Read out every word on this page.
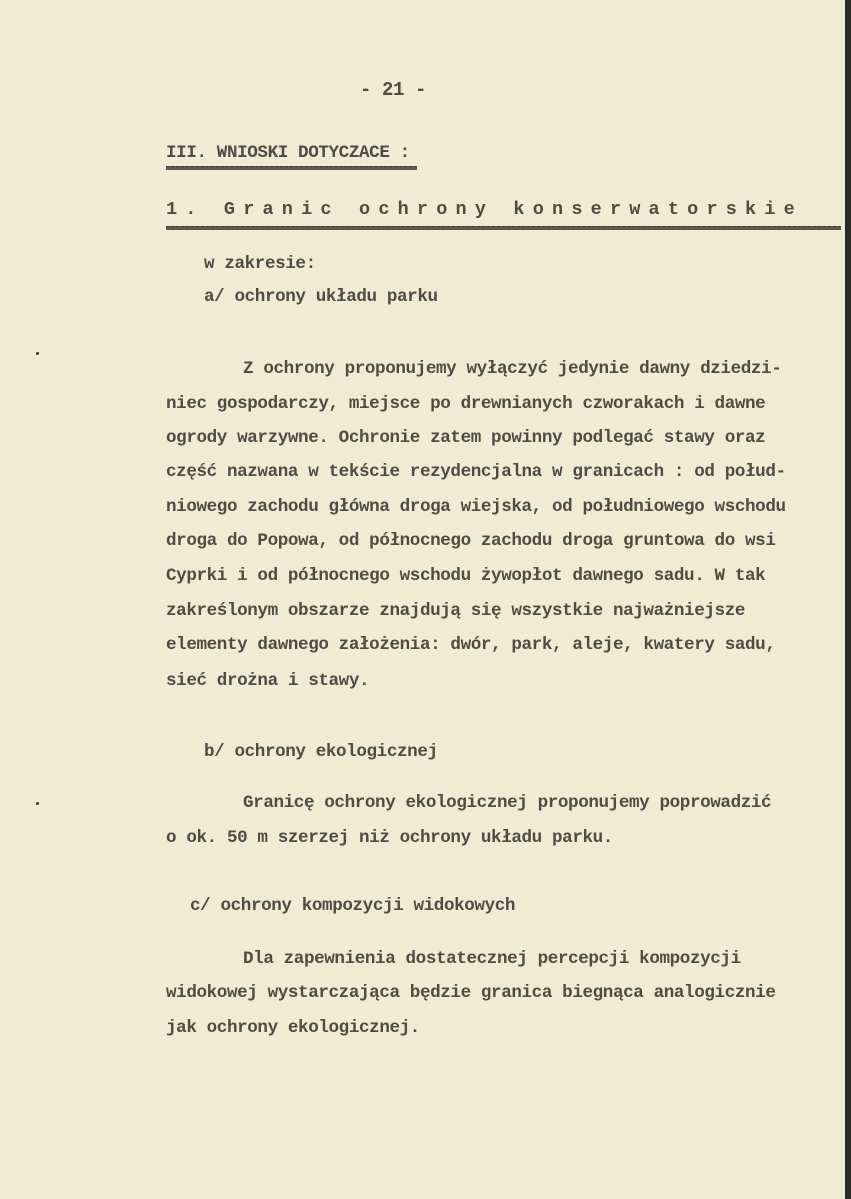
- 21 -
III. WNIOSKI DOTYCZACE :
1. Granic ochrony konserwatorskie
w zakresie:
a/ ochrony układu parku
Z ochrony proponujemy wyłączyć jedynie dawny dziedzi-
niec gospodarczy, miejsce po drewnianych czworakach i dawne
ogrody warzywne. Ochronie zatem powinny podlegać stawy oraz
część nazwana w tekście rezydencjalna w granicach : od połud-
niowego zachodu główna droga wiejska, od południowego wschodu
droga do Popowa, od północnego zachodu droga gruntowa do wsi
Cyprki i od północnego wschodu żywopłot dawnego sadu. W tak
zakreślonym obszarze znajdują się wszystkie najważniejsze
elementy dawnego założenia: dwór, park, aleje, kwatery sadu,
sieć drożna i stawy.
b/ ochrony ekologicznej
Granicę ochrony ekologicznej proponujemy poprowadzić
o ok. 50 m szerzej niż ochrony układu parku.
c/ ochrony kompozycji widokowych
Dla zapewnienia dostatecznej percepcji kompozycji
widokowej wystarczająca będzie granica biegnąca analogicznie
jak ochrony ekologicznej.
